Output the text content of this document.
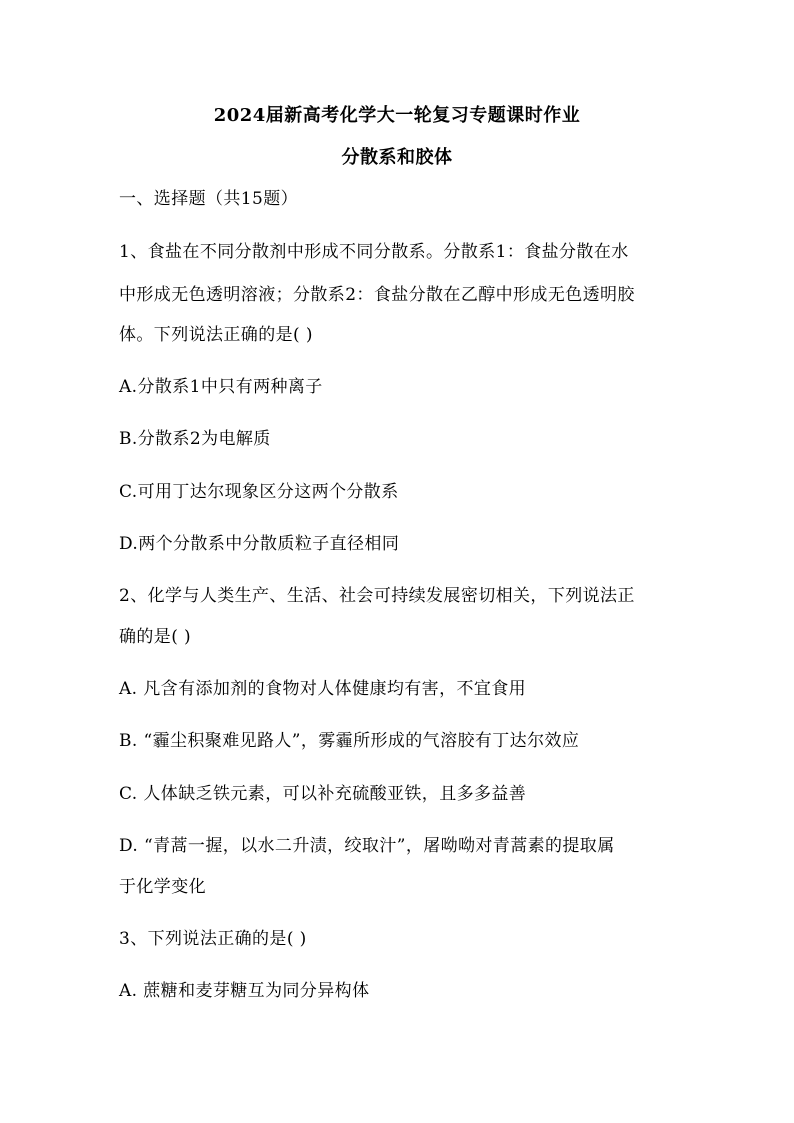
2024届新高考化学大一轮复习专题课时作业
分散系和胶体
一、选择题（共15题）
1、食盐在不同分散剂中形成不同分散系。分散系1：食盐分散在水
中形成无色透明溶液；分散系2：食盐分散在乙醇中形成无色透明胶
体。下列说法正确的是( )
A.分散系1中只有两种离子
B.分散系2为电解质
C.可用丁达尔现象区分这两个分散系
D.两个分散系中分散质粒子直径相同
2、化学与人类生产、生活、社会可持续发展密切相关，下列说法正
确的是( )
A. 凡含有添加剂的食物对人体健康均有害，不宜食用
B. “霾尘积聚难见路人”，雾霾所形成的气溶胶有丁达尔效应
C. 人体缺乏铁元素，可以补充硫酸亚铁，且多多益善
D. “青蒿一握，以水二升渍，绞取汁”，屠呦呦对青蒿素的提取属
于化学变化
3、下列说法正确的是( )
A. 蔗糖和麦芽糖互为同分异构体
